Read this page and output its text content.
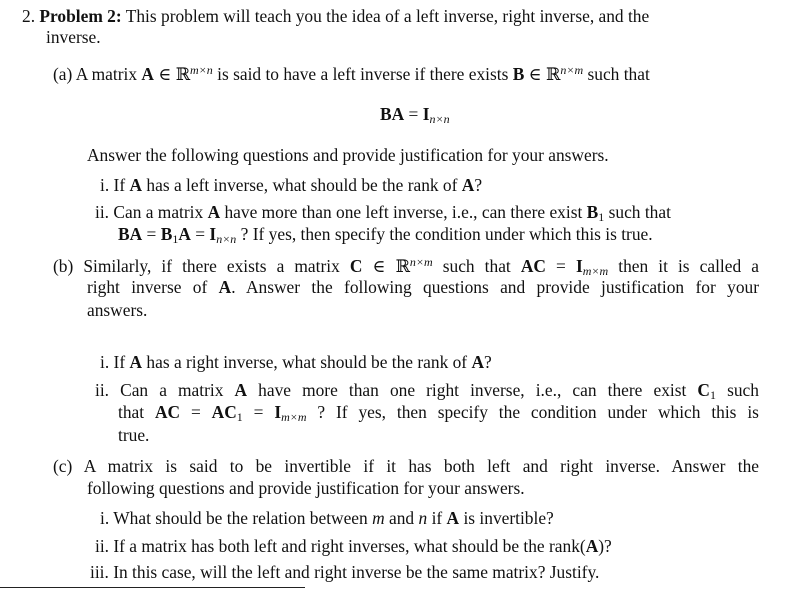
2. Problem 2: This problem will teach you the idea of a left inverse, right inverse, and the
inverse.
(a) A matrix A ∈ ℝ$^{m\times n}$ is said to have a left inverse if there exists B ∈ ℝ$^{n\times m}$ such that
BA = $I_{n\times n}$
Answer the following questions and provide justification for your answers.
i. If A has a left inverse, what should be the rank of A?
ii. Can a matrix A have more than one left inverse, i.e., can there exist $B_1$ such that
BA = $B_1A = I_{n\times n}$ ? If yes, then specify the condition under which this is true.
(b) Similarly, if there exists a matrix C ∈ ℝ$^{n\times m}$ such that AC = $I_{m\times m}$ then it is called a
right inverse of A. Answer the following questions and provide justification for your
answers.
i. If A has a right inverse, what should be the rank of A?
ii. Can a matrix A have more than one right inverse, i.e., can there exist $C_1$ such
that AC = $AC_1 = I_{m\times m}$ ? If yes, then specify the condition under which this is
true.
(c) A matrix is said to be invertible if it has both left and right inverse. Answer the
following questions and provide justification for your answers.
i. What should be the relation between m and n if A is invertible?
ii. If a matrix has both left and right inverses, what should be the rank(A)?
iii. In this case, will the left and right inverse be the same matrix? Justify.
